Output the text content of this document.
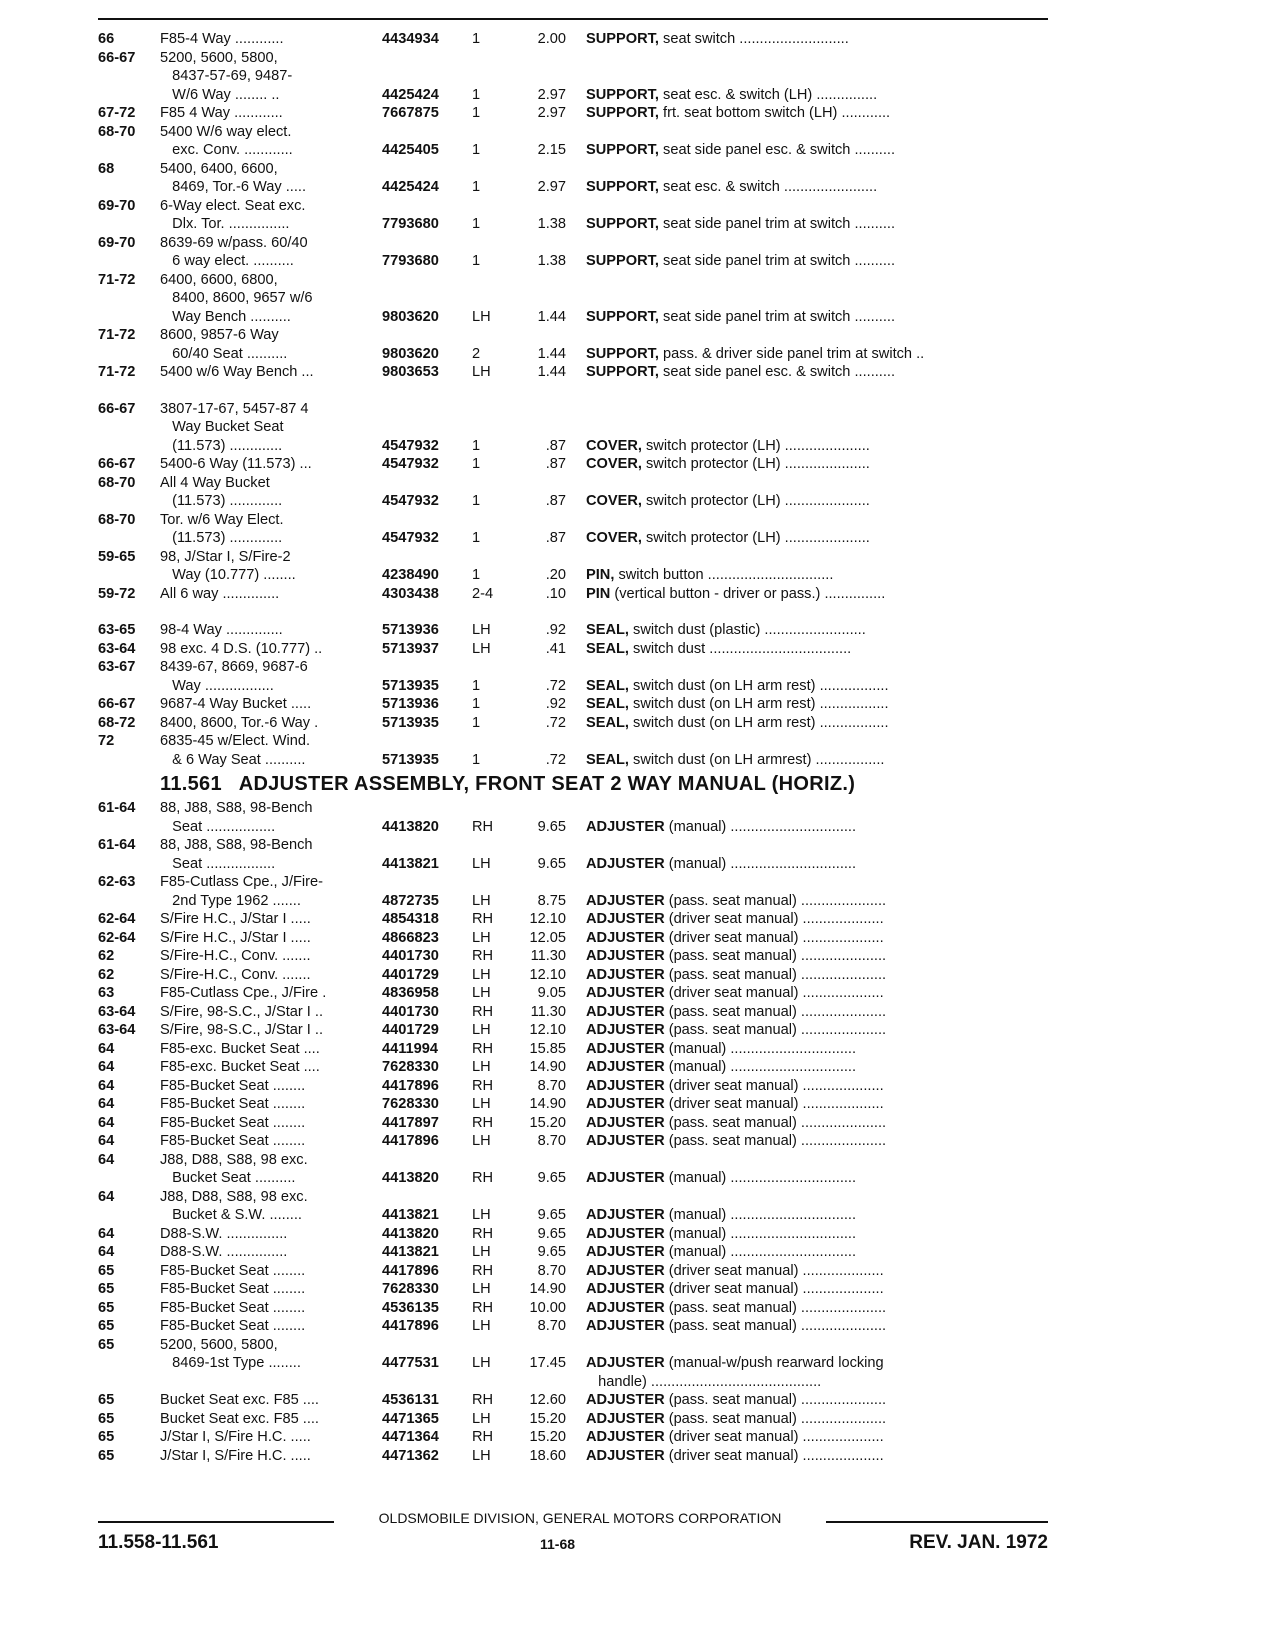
66	F85-4 Way ............	4434934	1	2.00	SUPPORT, seat switch ...........................
66-67	5200, 5600, 5800,
8437-57-69, 9487-
W/6 Way ........ ..	4425424	1	2.97	SUPPORT, seat esc. & switch (LH) ...............
67-72	F85 4 Way ............	7667875	1	2.97	SUPPORT, frt. seat bottom switch (LH) ............
68-70	5400 W/6 way elect.
exc. Conv. ............	4425405	1	2.15	SUPPORT, seat side panel esc. & switch ..........
68	5400, 6400, 6600,
8469, Tor.-6 Way .....	4425424	1	2.97	SUPPORT, seat esc. & switch .......................
69-70	6-Way elect. Seat exc.
Dlx. Tor. ...............	7793680	1	1.38	SUPPORT, seat side panel trim at switch ..........
69-70	8639-69 w/pass. 60/40
6 way elect. ..........	7793680	1	1.38	SUPPORT, seat side panel trim at switch ..........
71-72	6400, 6600, 6800,
8400, 8600, 9657 w/6
Way Bench ..........	9803620	LH	1.44	SUPPORT, seat side panel trim at switch ..........
71-72	8600, 9857-6 Way
60/40 Seat ..........	9803620	2	1.44	SUPPORT, pass. & driver side panel trim at switch ..
71-72	5400 w/6 Way Bench ...	9803653	LH	1.44	SUPPORT, seat side panel esc. & switch ..........
66-67	3807-17-67, 5457-87 4
Way Bucket Seat
(11.573) .............	4547932	1	.87	COVER, switch protector (LH) .....................
66-67	5400-6 Way (11.573) ...	4547932	1	.87	COVER, switch protector (LH) .....................
68-70	All 4 Way Bucket
(11.573) .............	4547932	1	.87	COVER, switch protector (LH) .....................
68-70	Tor. w/6 Way Elect.
(11.573) .............	4547932	1	.87	COVER, switch protector (LH) .....................
59-65	98, J/Star I, S/Fire-2
Way (10.777) ........	4238490	1	.20	PIN, switch button ...............................
59-72	All 6 way ..............	4303438	2-4	.10	PIN (vertical button - driver or pass.) ...............
63-65	98-4 Way ..............	5713936	LH	.92	SEAL, switch dust (plastic) .........................
63-64	98 exc. 4 D.S. (10.777) ..	5713937	LH	.41	SEAL, switch dust ...................................
63-67	8439-67, 8669, 9687-6
Way .................	5713935	1	.72	SEAL, switch dust (on LH arm rest) .................
66-67	9687-4 Way Bucket .....	5713936	1	.92	SEAL, switch dust (on LH arm rest) .................
68-72	8400, 8600, Tor.-6 Way .	5713935	1	.72	SEAL, switch dust (on LH arm rest) .................
72	6835-45 w/Elect. Wind.
& 6 Way Seat ..........	5713935	1	.72	SEAL, switch dust (on LH armrest) .................
11.561   ADJUSTER ASSEMBLY, FRONT SEAT 2 WAY MANUAL (HORIZ.)
61-64	88, J88, S88, 98-Bench
Seat .................	4413820	RH	9.65	ADJUSTER (manual) ...............................
61-64	88, J88, S88, 98-Bench
Seat .................	4413821	LH	9.65	ADJUSTER (manual) ...............................
62-63	F85-Cutlass Cpe., J/Fire-
2nd Type 1962 .......	4872735	LH	8.75	ADJUSTER (pass. seat manual) .....................
62-64	S/Fire H.C., J/Star I .....	4854318	RH	12.10	ADJUSTER (driver seat manual) ....................
62-64	S/Fire H.C., J/Star I .....	4866823	LH	12.05	ADJUSTER (driver seat manual) ....................
62	S/Fire-H.C., Conv. .......	4401730	RH	11.30	ADJUSTER (pass. seat manual) .....................
62	S/Fire-H.C., Conv. .......	4401729	LH	12.10	ADJUSTER (pass. seat manual) .....................
63	F85-Cutlass Cpe., J/Fire .	4836958	LH	9.05	ADJUSTER (driver seat manual) ....................
63-64	S/Fire, 98-S.C., J/Star I ..	4401730	RH	11.30	ADJUSTER (pass. seat manual) .....................
63-64	S/Fire, 98-S.C., J/Star I ..	4401729	LH	12.10	ADJUSTER (pass. seat manual) .....................
64	F85-exc. Bucket Seat ....	4411994	RH	15.85	ADJUSTER (manual) ...............................
64	F85-exc. Bucket Seat ....	7628330	LH	14.90	ADJUSTER (manual) ...............................
64	F85-Bucket Seat ........	4417896	RH	8.70	ADJUSTER (driver seat manual) ....................
64	F85-Bucket Seat ........	7628330	LH	14.90	ADJUSTER (driver seat manual) ....................
64	F85-Bucket Seat ........	4417897	RH	15.20	ADJUSTER (pass. seat manual) .....................
64	F85-Bucket Seat ........	4417896	LH	8.70	ADJUSTER (pass. seat manual) .....................
64	J88, D88, S88, 98 exc.
Bucket Seat ..........	4413820	RH	9.65	ADJUSTER (manual) ...............................
64	J88, D88, S88, 98 exc.
Bucket & S.W. ........	4413821	LH	9.65	ADJUSTER (manual) ...............................
64	D88-S.W. ...............	4413820	RH	9.65	ADJUSTER (manual) ...............................
64	D88-S.W. ...............	4413821	LH	9.65	ADJUSTER (manual) ...............................
65	F85-Bucket Seat ........	4417896	RH	8.70	ADJUSTER (driver seat manual) ....................
65	F85-Bucket Seat ........	7628330	LH	14.90	ADJUSTER (driver seat manual) ....................
65	F85-Bucket Seat ........	4536135	RH	10.00	ADJUSTER (pass. seat manual) .....................
65	F85-Bucket Seat ........	4417896	LH	8.70	ADJUSTER (pass. seat manual) .....................
65	5200, 5600, 5800,
8469-1st Type ........	4477531	LH	17.45	ADJUSTER (manual-w/push rearward locking
handle) ..........................................
65	Bucket Seat exc. F85 ....	4536131	RH	12.60	ADJUSTER (pass. seat manual) .....................
65	Bucket Seat exc. F85 ....	4471365	LH	15.20	ADJUSTER (pass. seat manual) .....................
65	J/Star I, S/Fire H.C. .....	4471364	RH	15.20	ADJUSTER (driver seat manual) ....................
65	J/Star I, S/Fire H.C. .....	4471362	LH	18.60	ADJUSTER (driver seat manual) ....................
OLDSMOBILE DIVISION, GENERAL MOTORS CORPORATION
11.558-11.561	11-68	REV. JAN. 1972
